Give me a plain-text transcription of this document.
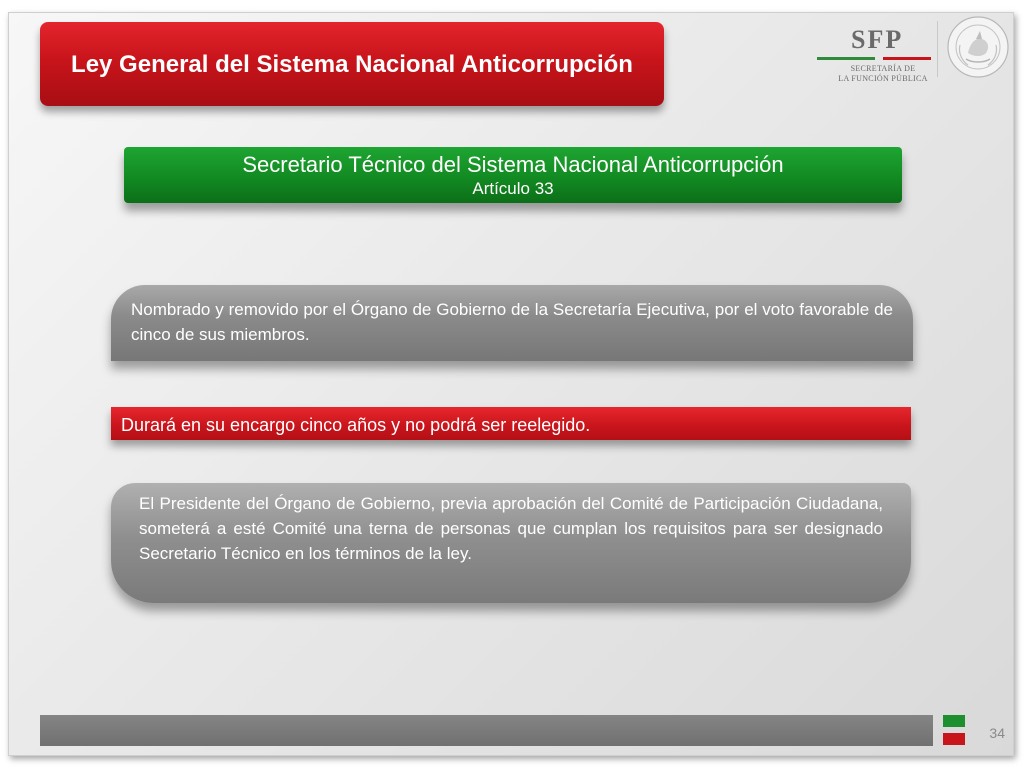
Ley General del Sistema Nacional Anticorrupción
SFP
SECRETARÍA DE
LA FUNCIÓN PÚBLICA
Secretario Técnico del Sistema Nacional Anticorrupción
Artículo 33
Nombrado y removido por el Órgano de Gobierno de la Secretaría Ejecutiva, por el voto favorable de cinco de sus miembros.
Durará en su encargo cinco años y no podrá ser reelegido.
El Presidente del Órgano de Gobierno, previa aprobación del Comité de Participación Ciudadana, someterá a esté Comité una terna de personas que cumplan los requisitos para ser designado Secretario Técnico en los términos de la ley.
34
